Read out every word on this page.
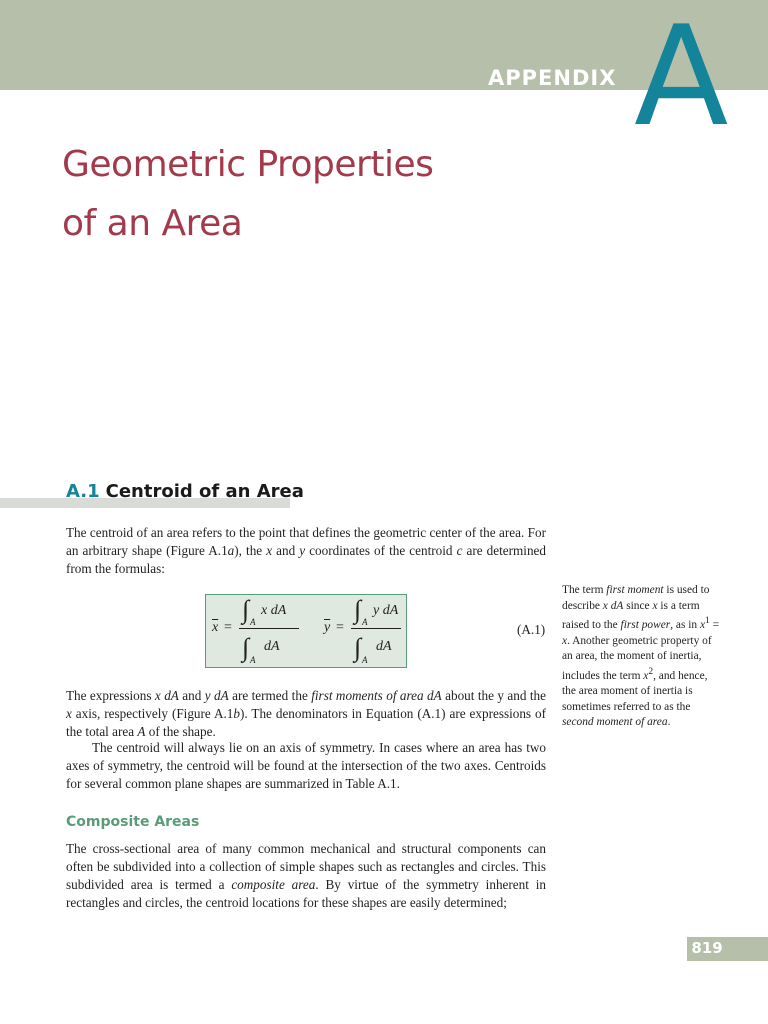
APPENDIX A
Geometric Properties
of an Area
A.1 Centroid of an Area

The centroid of an area refers to the point that defines the geometric center of the area. For an arbitrary shape (Figure A.1a), the x and y coordinates of the centroid c are determined from the formulas:

$\overline{x}$ =
∫ A
x dA
∫ A
dA
$\overline{y}$ =
∫ A
y dA
∫ A
dA
(A.1)

The term first moment is used to describe x dA since x is a term raised to the first power, as in $x^1 = x$. Another geometric property of an area, the moment of inertia, includes the term $x^2$, and hence, the area moment of inertia is sometimes referred to as the second moment of area.

The expressions x dA and y dA are termed the first moments of area dA about the y and the x axis, respectively (Figure A.1b). The denominators in Equation (A.1) are expressions of the total area A of the shape.

The centroid will always lie on an axis of symmetry. In cases where an area has two axes of symmetry, the centroid will be found at the intersection of the two axes. Centroids for several common plane shapes are summarized in Table A.1.

Composite Areas

The cross-sectional area of many common mechanical and structural components can often be subdivided into a collection of simple shapes such as rectangles and circles. This subdivided area is termed a composite area. By virtue of the symmetry inherent in rectangles and circles, the centroid locations for these shapes are easily determined;

819
